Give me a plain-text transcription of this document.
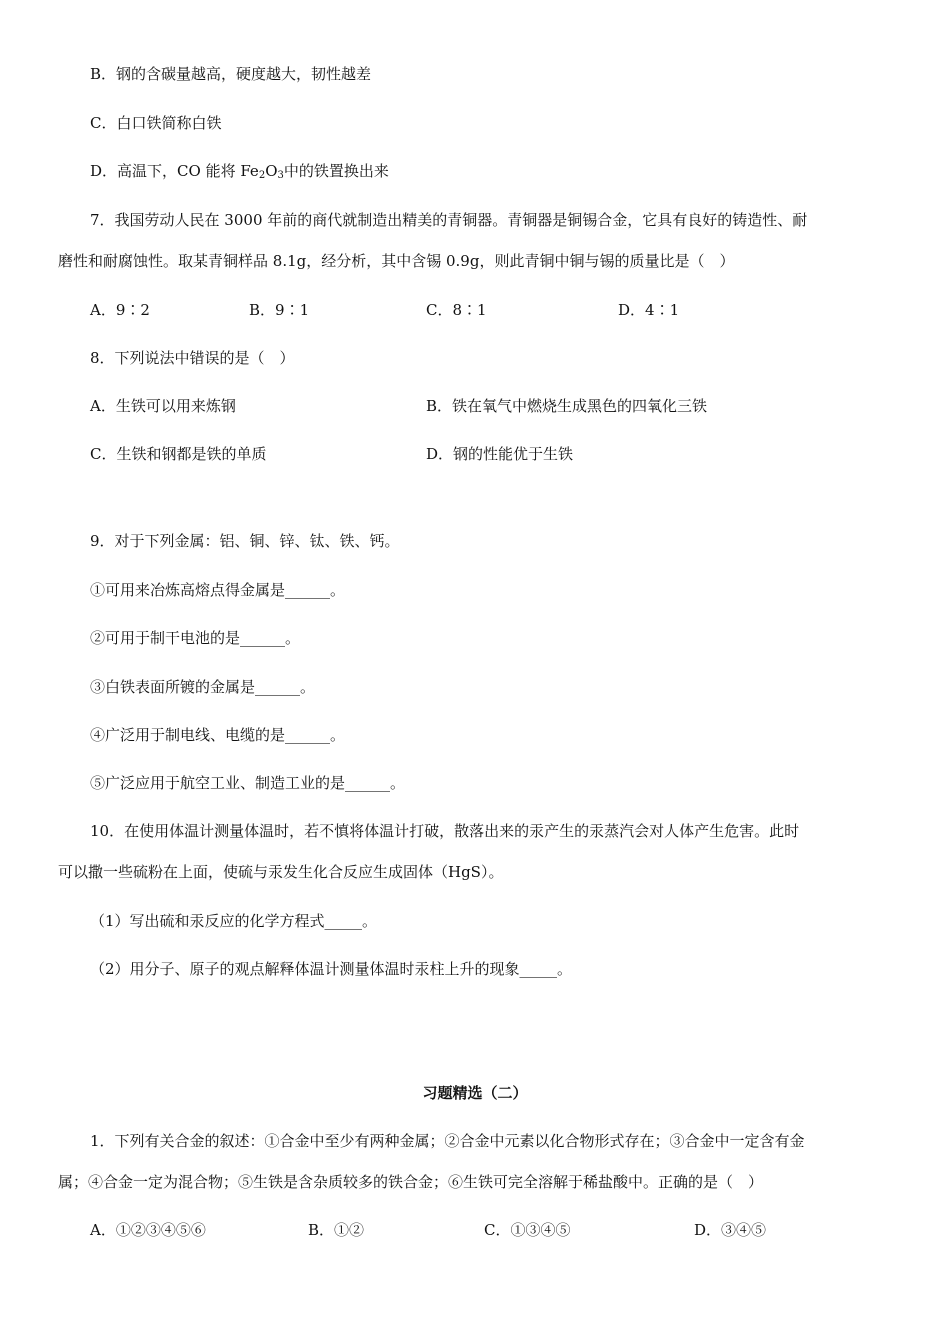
B．钢的含碳量越高，硬度越大，韧性越差
C．白口铁简称白铁
D．高温下，CO 能将 $Fe_2O_3$中的铁置换出来
7．我国劳动人民在 3000 年前的商代就制造出精美的青铜器。青铜器是铜锡合金，它具有良好的铸造性、耐
磨性和耐腐蚀性。取某青铜样品 8.1g，经分析，其中含锡 0.9g，则此青铜中铜与锡的质量比是（　）
A．9∶2	B．9∶1	C．8∶1	D．4∶1
8．下列说法中错误的是（　）
A．生铁可以用来炼钢	B．铁在氧气中燃烧生成黑色的四氧化三铁
C．生铁和钢都是铁的单质	D．钢的性能优于生铁
9．对于下列金属：铝、铜、锌、钛、铁、钙。
①可用来冶炼高熔点得金属是______。
②可用于制干电池的是______。
③白铁表面所镀的金属是______。
④广泛用于制电线、电缆的是______。
⑤广泛应用于航空工业、制造工业的是______。
10．在使用体温计测量体温时，若不慎将体温计打破，散落出来的汞产生的汞蒸汽会对人体产生危害。此时
可以撒一些硫粉在上面，使硫与汞发生化合反应生成固体（HgS）。
（1）写出硫和汞反应的化学方程式_____。
（2）用分子、原子的观点解释体温计测量体温时汞柱上升的现象_____。
习题精选（二）
1．下列有关合金的叙述：①合金中至少有两种金属；②合金中元素以化合物形式存在；③合金中一定含有金
属；④合金一定为混合物；⑤生铁是含杂质较多的铁合金；⑥生铁可完全溶解于稀盐酸中。正确的是（　）
A．①②③④⑤⑥	B．①②	C．①③④⑤	D．③④⑤
